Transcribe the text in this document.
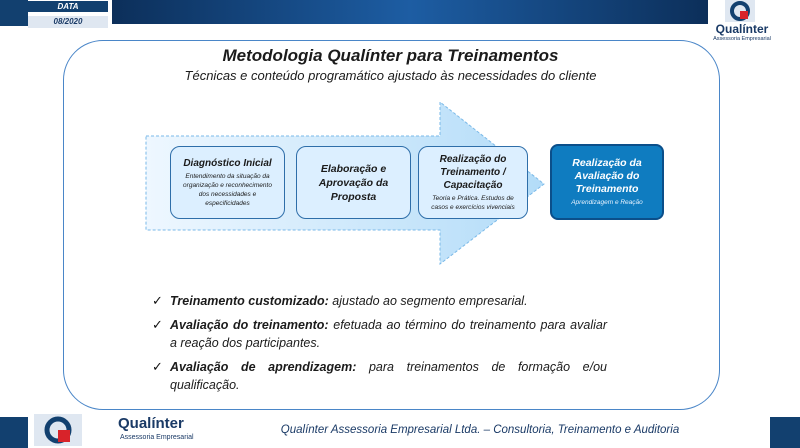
DATA
08/2020
Qualínter
Assessoria Empresarial
Metodologia Qualínter para Treinamentos
Técnicas e conteúdo programático ajustado às necessidades do cliente
Diagnóstico Inicial
Entendimento da situação da organização e reconhecimento dos necessidades e especificidades
Elaboração e Aprovação da Proposta
Realização do Treinamento / Capacitação
Teoria e Prática. Estudos de casos e exercícios vivenciais
Realização da Avaliação do Treinamento
Aprendizagem e Reação
✓ Treinamento customizado: ajustado ao segmento empresarial.
✓ Avaliação do treinamento: efetuada ao término do treinamento para avaliar a reação dos participantes.
✓ Avaliação de aprendizagem: para treinamentos de formação e/ou qualificação.
Qualínter
Assessoria Empresarial
Qualínter Assessoria Empresarial Ltda. – Consultoria, Treinamento e Auditoria
